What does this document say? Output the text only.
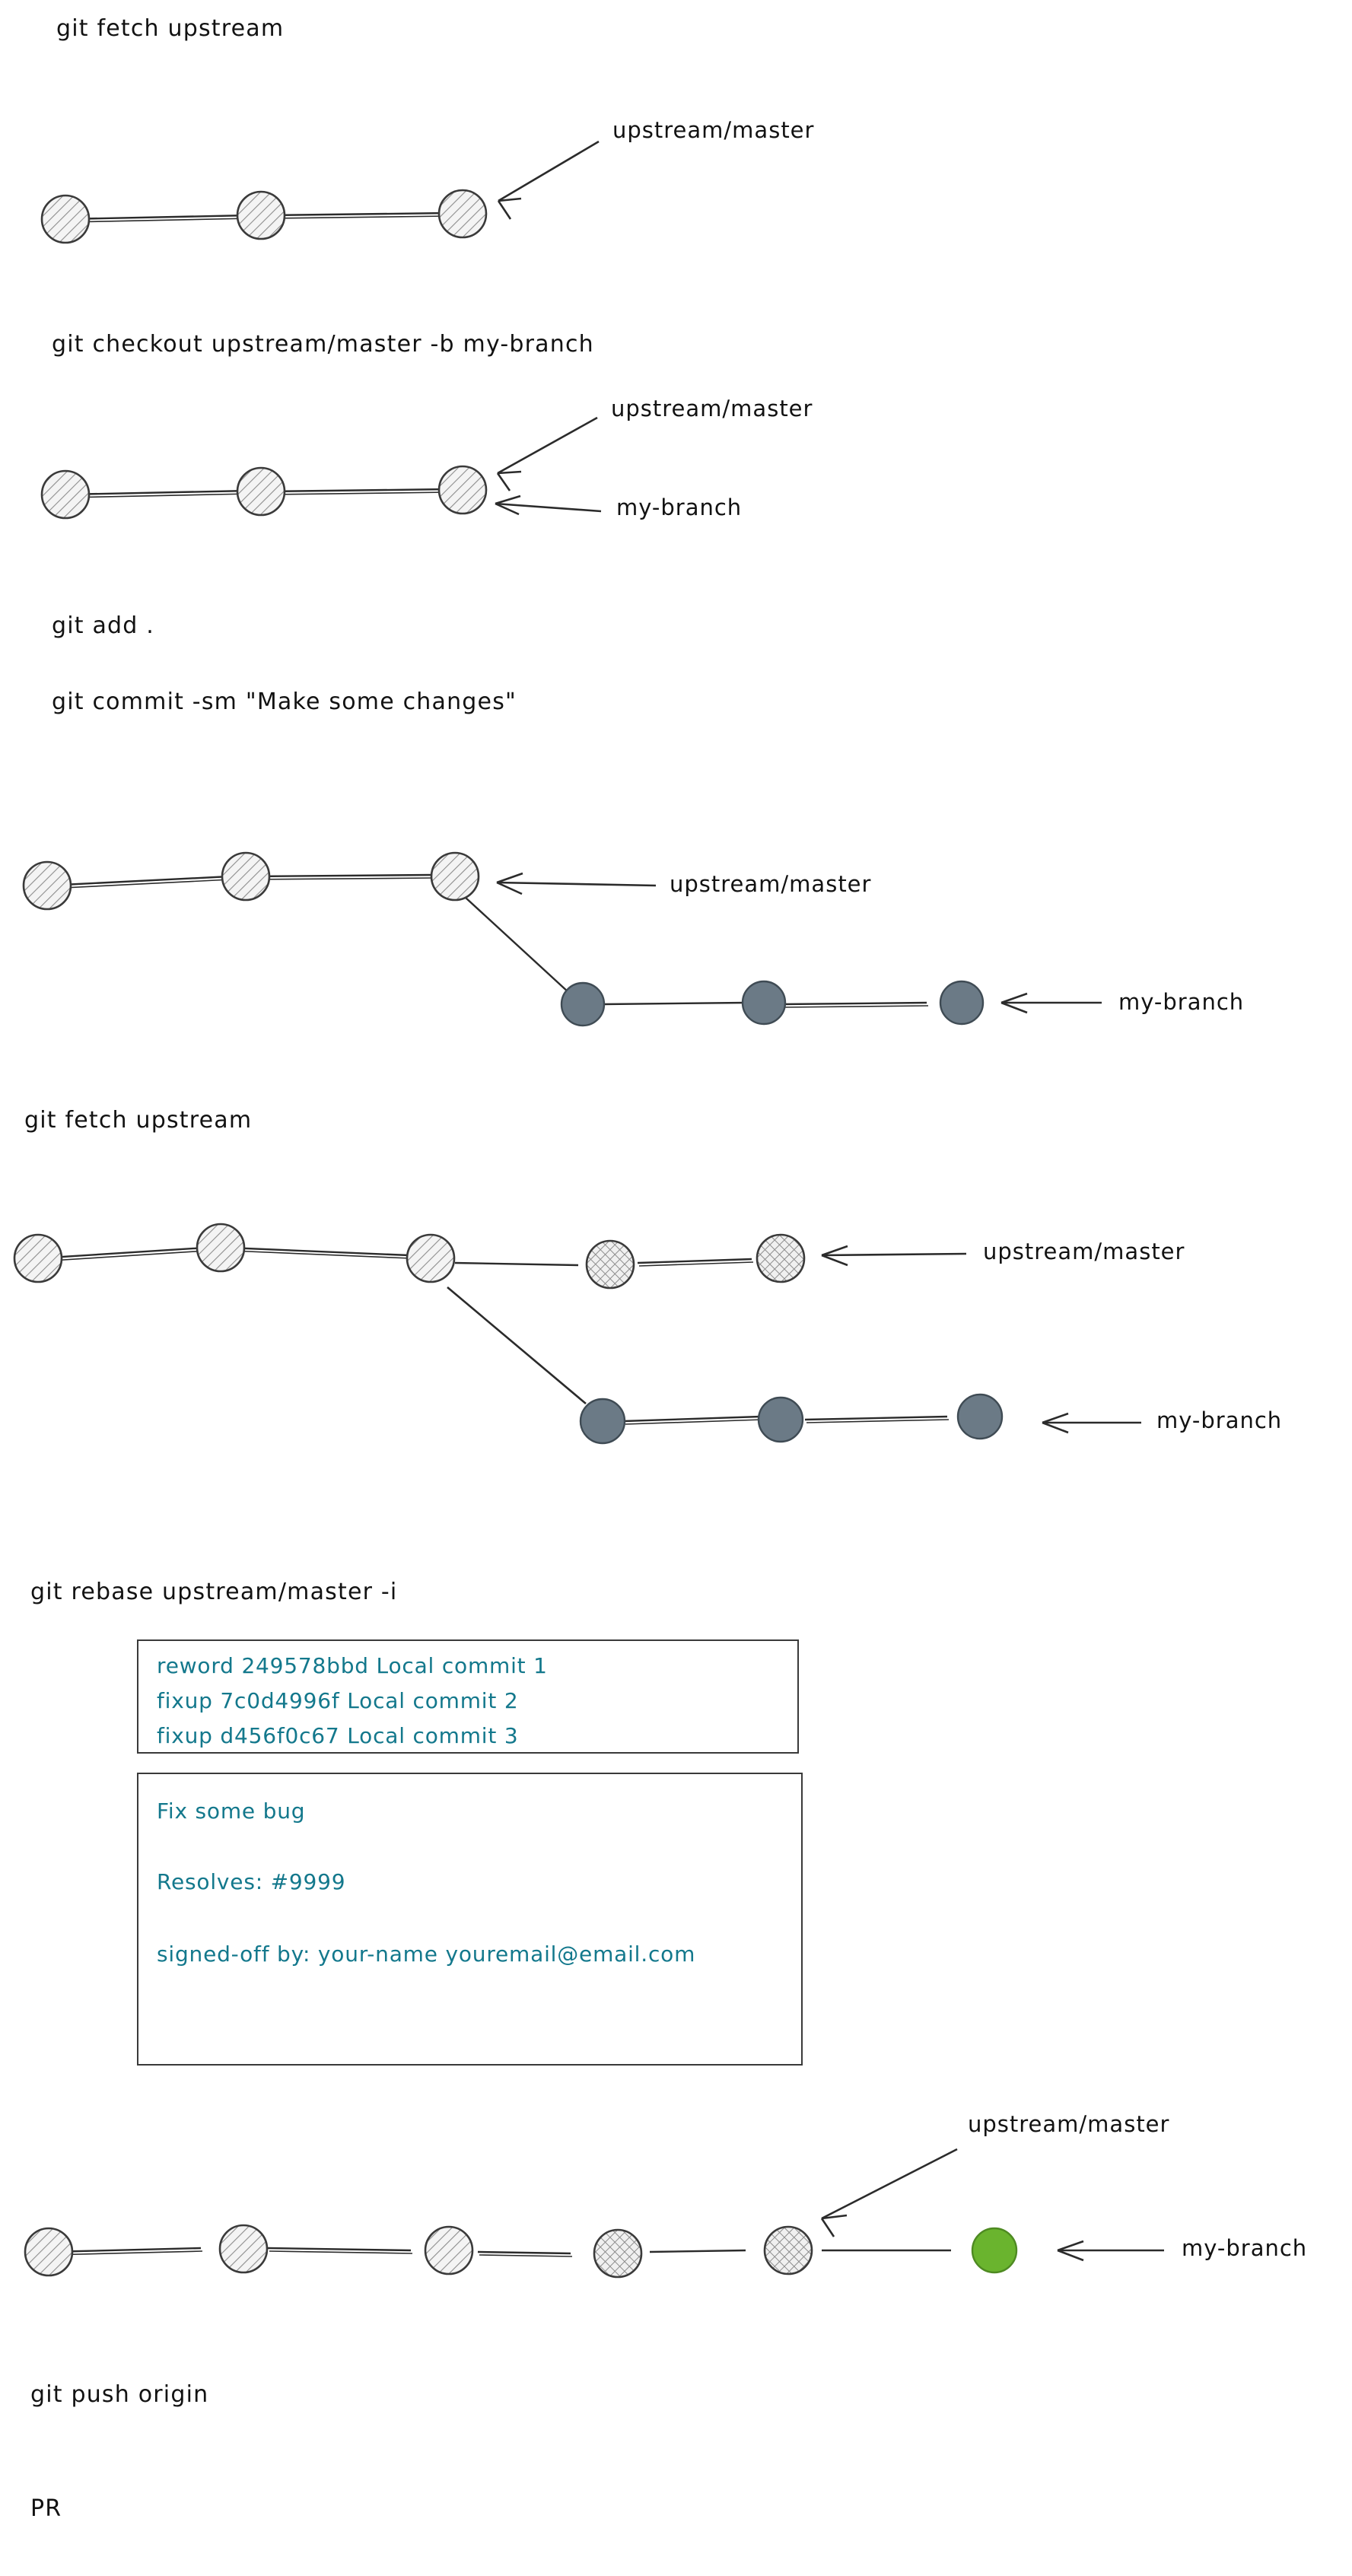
git fetch upstream
upstream/master
git checkout upstream/master -b my-branch
upstream/master
my-branch
git add .
git commit -sm "Make some changes"
upstream/master
my-branch
git fetch upstream
upstream/master
my-branch
git rebase upstream/master -i
reword 249578bbd Local commit 1
fixup 7c0d4996f Local commit 2
fixup d456f0c67 Local commit 3
Fix some bug
Resolves: #9999
signed-off by: your-name youremail@email.com
upstream/master
my-branch
git push origin
PR
